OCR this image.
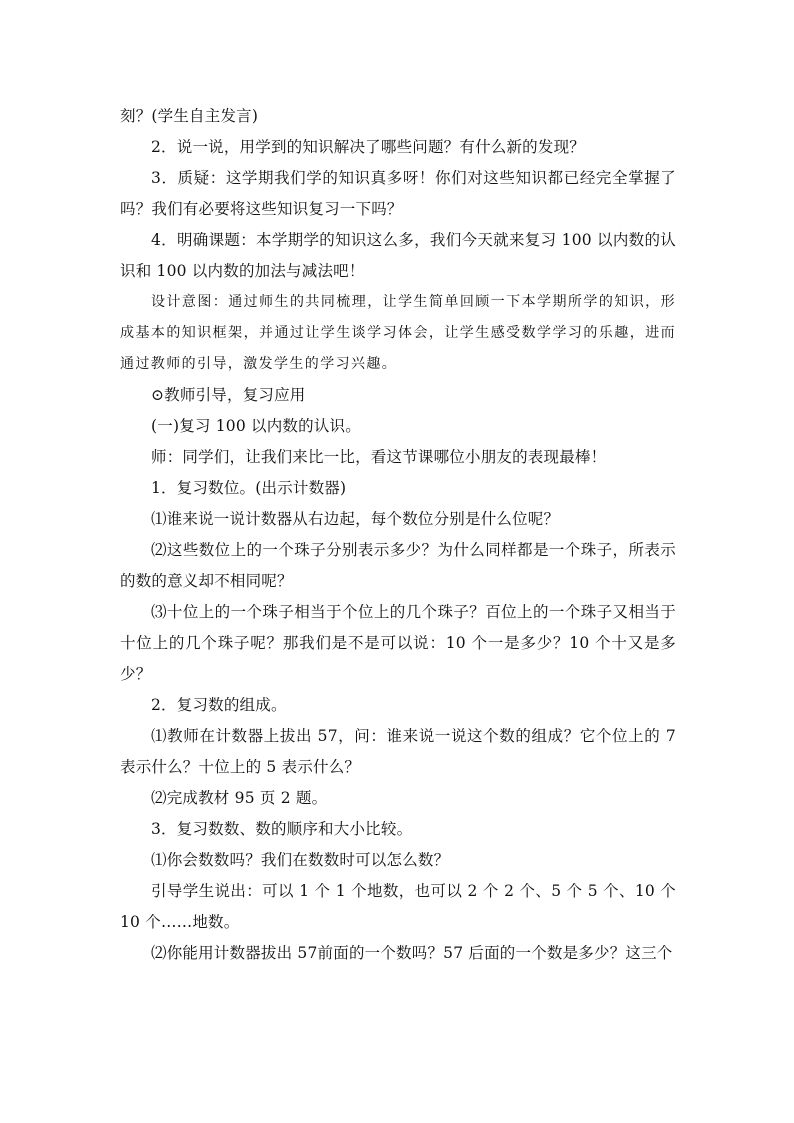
刻？(学生自主发言)

2．说一说，用学到的知识解决了哪些问题？有什么新的发现？

3．质疑：这学期我们学的知识真多呀！你们对这些知识都已经完全掌握了吗？我们有必要将这些知识复习一下吗？

4．明确课题：本学期学的知识这么多，我们今天就来复习 100 以内数的认识和 100 以内数的加法与减法吧！

设计意图：通过师生的共同梳理，让学生简单回顾一下本学期所学的知识，形成基本的知识框架，并通过让学生谈学习体会，让学生感受数学学习的乐趣，进而通过教师的引导，激发学生的学习兴趣。

⊙教师引导，复习应用

(一)复习 100 以内数的认识。

师：同学们，让我们来比一比，看这节课哪位小朋友的表现最棒！

1．复习数位。(出示计数器)

⑴谁来说一说计数器从右边起，每个数位分别是什么位呢？

⑵这些数位上的一个珠子分别表示多少？为什么同样都是一个珠子，所表示的数的意义却不相同呢？

⑶十位上的一个珠子相当于个位上的几个珠子？百位上的一个珠子又相当于十位上的几个珠子呢？那我们是不是可以说：10 个一是多少？10 个十又是多少？

2．复习数的组成。

⑴教师在计数器上拔出 57，问：谁来说一说这个数的组成？它个位上的 7 表示什么？十位上的 5 表示什么？

⑵完成教材 95 页 2 题。

3．复习数数、数的顺序和大小比较。

⑴你会数数吗？我们在数数时可以怎么数？

引导学生说出：可以 1 个 1 个地数，也可以 2 个 2 个、5 个 5 个、10 个 10 个……地数。

⑵你能用计数器拔出 57前面的一个数吗？57 后面的一个数是多少？这三个
